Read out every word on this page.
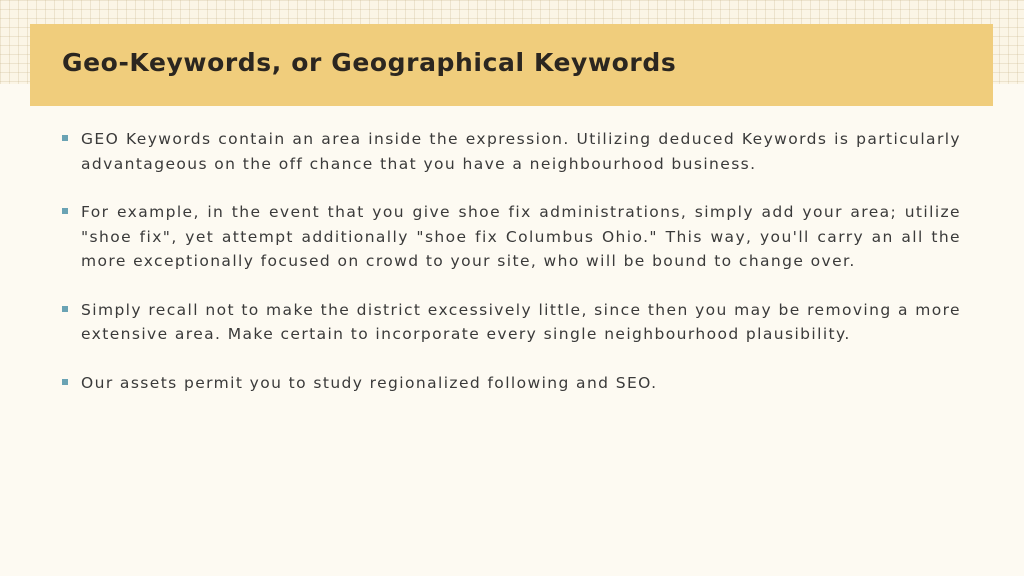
Geo-Keywords, or Geographical Keywords

GEO Keywords contain an area inside the expression. Utilizing deduced Keywords is particularly advantageous on the off chance that you have a neighbourhood business.

For example, in the event that you give shoe fix administrations, simply add your area; utilize "shoe fix", yet attempt additionally "shoe fix Columbus Ohio." This way, you'll carry an all the more exceptionally focused on crowd to your site, who will be bound to change over.

Simply recall not to make the district excessively little, since then you may be removing a more extensive area. Make certain to incorporate every single neighbourhood plausibility.

Our assets permit you to study regionalized following and SEO.
